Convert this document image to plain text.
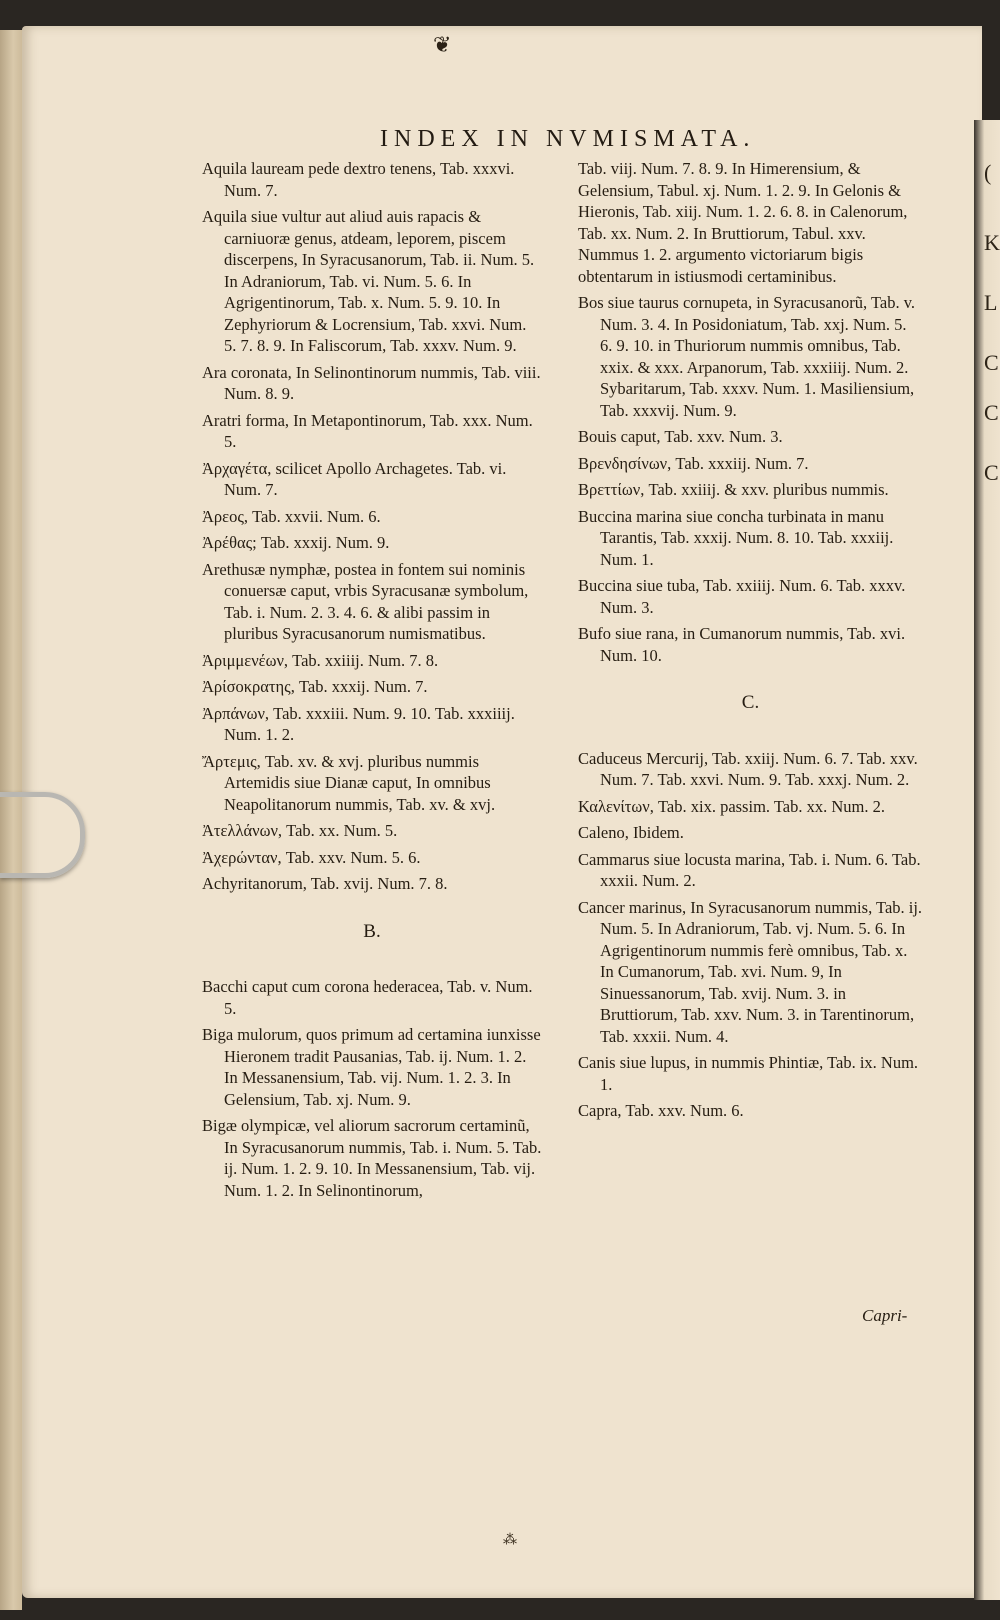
(
K
L
C
C
C
❦
INDEX IN NVMISMATA.
Aquila lauream pede dextro tenens, Tab. xxxvi. Num. 7.
Aquila siue vultur aut aliud auis rapacis & carniuoræ genus, atdeam, leporem, piscem discerpens, In Syracusanorum, Tab. ii. Num. 5. In Adraniorum, Tab. vi. Num. 5. 6. In Agrigentinorum, Tab. x. Num. 5. 9. 10. In Zephyriorum & Locrensium, Tab. xxvi. Num. 5. 7. 8. 9. In Faliscorum, Tab. xxxv. Num. 9.
Ara coronata, In Selinontinorum nummis, Tab. viii. Num. 8. 9.
Aratri forma, In Metapontinorum, Tab. xxx. Num. 5.
Ἀρχαγέτα, scilicet Apollo Archagetes. Tab. vi. Num. 7.
Ἀρεος, Tab. xxvii. Num. 6.
Ἀρέθας; Tab. xxxij. Num. 9.
Arethusæ nymphæ, postea in fontem sui nominis conuersæ caput, vrbis Syracusanæ symbolum, Tab. i. Num. 2. 3. 4. 6. & alibi passim in pluribus Syracusanorum numismatibus.
Ἀριμμενέων, Tab. xxiiij. Num. 7. 8.
Ἀρίσοκρατης, Tab. xxxij. Num. 7.
Ἀρπάνων, Tab. xxxiii. Num. 9. 10. Tab. xxxiiij. Num. 1. 2.
Ἄρτεμις, Tab. xv. & xvj. pluribus nummis Artemidis siue Dianæ caput, In omnibus Neapolitanorum nummis, Tab. xv. & xvj.
Ἀτελλάνων, Tab. xx. Num. 5.
Ἀχερώνταν, Tab. xxv. Num. 5. 6.
Achyritanorum, Tab. xvij. Num. 7. 8.
B.
Bacchi caput cum corona hederacea, Tab. v. Num. 5.
Biga mulorum, quos primum ad certamina iunxisse Hieronem tradit Pausanias, Tab. ij. Num. 1. 2. In Messanensium, Tab. vij. Num. 1. 2. 3. In Gelensium, Tab. xj. Num. 9.
Bigæ olympicæ, vel aliorum sacrorum certaminũ, In Syracusanorum nummis, Tab. i. Num. 5. Tab. ij. Num. 1. 2. 9. 10. In Messanensium, Tab. vij. Num. 1. 2. In Selinontinorum,
Tab. viij. Num. 7. 8. 9. In Himerensium, & Gelensium, Tabul. xj. Num. 1. 2. 9. In Gelonis & Hieronis, Tab. xiij. Num. 1. 2. 6. 8. in Calenorum, Tab. xx. Num. 2. In Bruttiorum, Tabul. xxv. Nummus 1. 2. argumento victoriarum bigis obtentarum in istiusmodi certaminibus.
Bos siue taurus cornupeta, in Syracusanorũ, Tab. v. Num. 3. 4. In Posidoniatum, Tab. xxj. Num. 5. 6. 9. 10. in Thuriorum nummis omnibus, Tab. xxix. & xxx. Arpanorum, Tab. xxxiiij. Num. 2. Sybaritarum, Tab. xxxv. Num. 1. Masiliensium, Tab. xxxvij. Num. 9.
Bouis caput, Tab. xxv. Num. 3.
Βρενδησίνων, Tab. xxxiij. Num. 7.
Βρεττίων, Tab. xxiiij. & xxv. pluribus nummis.
Buccina marina siue concha turbinata in manu Tarantis, Tab. xxxij. Num. 8. 10. Tab. xxxiij. Num. 1.
Buccina siue tuba, Tab. xxiiij. Num. 6. Tab. xxxv. Num. 3.
Bufo siue rana, in Cumanorum nummis, Tab. xvi. Num. 10.
C.
Caduceus Mercurij, Tab. xxiij. Num. 6. 7. Tab. xxv. Num. 7. Tab. xxvi. Num. 9. Tab. xxxj. Num. 2.
Καλενίτων, Tab. xix. passim. Tab. xx. Num. 2.
Caleno, Ibidem.
Cammarus siue locusta marina, Tab. i. Num. 6. Tab. xxxii. Num. 2.
Cancer marinus, In Syracusanorum nummis, Tab. ij. Num. 5. In Adraniorum, Tab. vj. Num. 5. 6. In Agrigentinorum nummis ferè omnibus, Tab. x. In Cumanorum, Tab. xvi. Num. 9, In Sinuessanorum, Tab. xvij. Num. 3. in Bruttiorum, Tab. xxv. Num. 3. in Tarentinorum, Tab. xxxii. Num. 4.
Canis siue lupus, in nummis Phintiæ, Tab. ix. Num. 1.
Capra, Tab. xxv. Num. 6.
Capri-
⁂
